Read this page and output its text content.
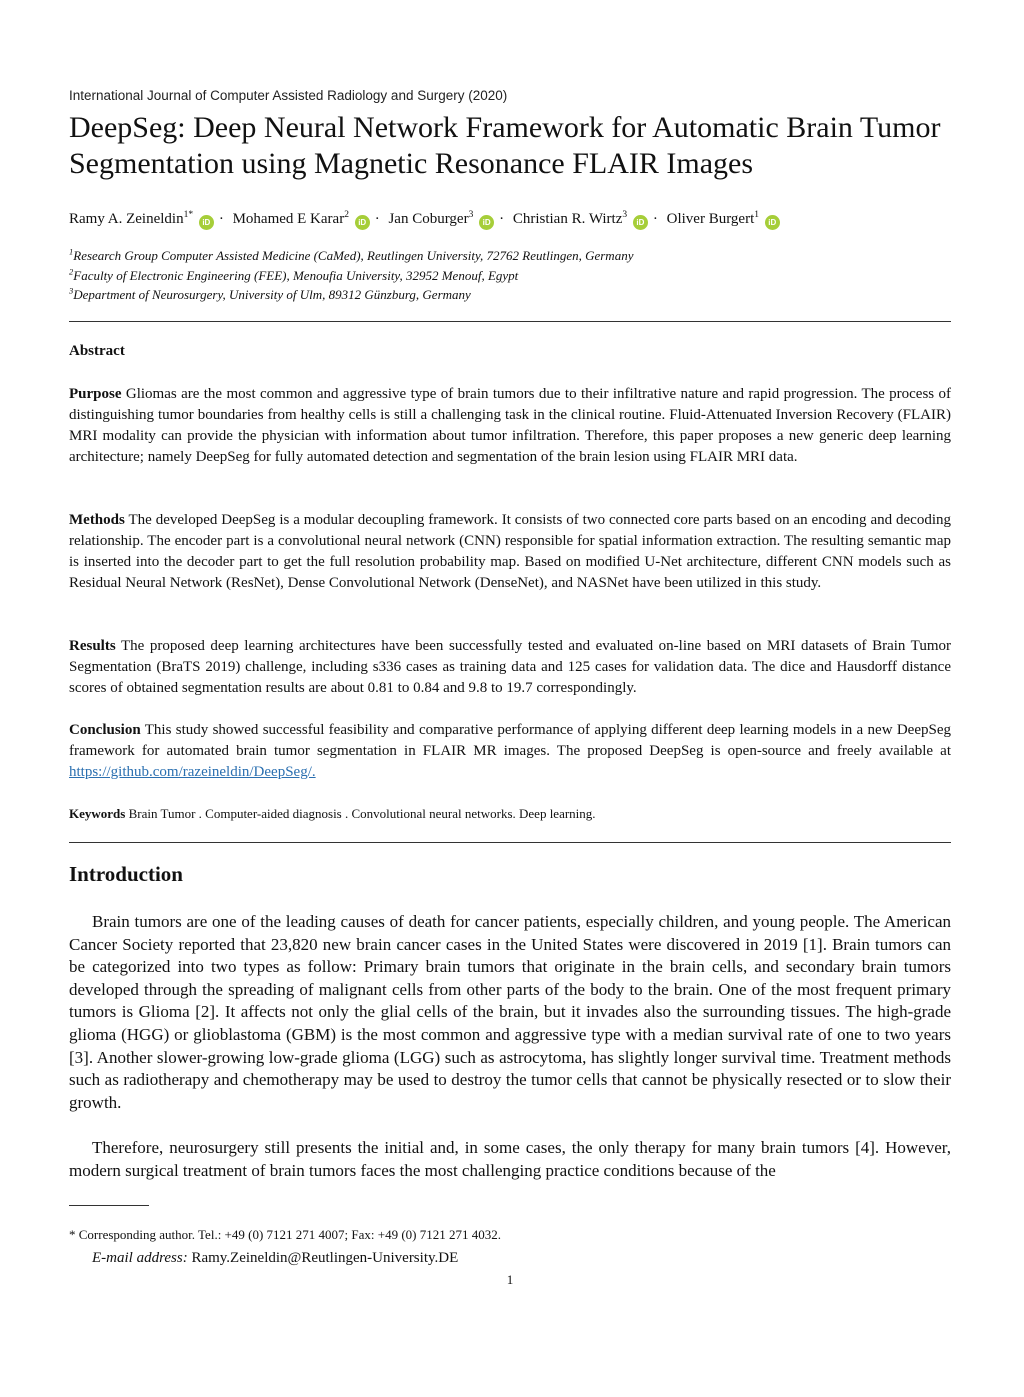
International Journal of Computer Assisted Radiology and Surgery (2020)
DeepSeg: Deep Neural Network Framework for Automatic Brain Tumor Segmentation using Magnetic Resonance FLAIR Images
Ramy A. Zeineldin$^{1*}$ iD · Mohamed E Karar$^2$ iD · Jan Coburger$^3$ iD · Christian R. Wirtz$^3$ iD · Oliver Burgert$^1$ iD
$^1$Research Group Computer Assisted Medicine (CaMed), Reutlingen University, 72762 Reutlingen, Germany
$^2$Faculty of Electronic Engineering (FEE), Menoufia University, 32952 Menouf, Egypt
$^3$Department of Neurosurgery, University of Ulm, 89312 Günzburg, Germany
Abstract

Purpose Gliomas are the most common and aggressive type of brain tumors due to their infiltrative nature and rapid progression. The process of distinguishing tumor boundaries from healthy cells is still a challenging task in the clinical routine. Fluid-Attenuated Inversion Recovery (FLAIR) MRI modality can provide the physician with information about tumor infiltration. Therefore, this paper proposes a new generic deep learning architecture; namely DeepSeg for fully automated detection and segmentation of the brain lesion using FLAIR MRI data.

Methods The developed DeepSeg is a modular decoupling framework. It consists of two connected core parts based on an encoding and decoding relationship. The encoder part is a convolutional neural network (CNN) responsible for spatial information extraction. The resulting semantic map is inserted into the decoder part to get the full resolution probability map. Based on modified U-Net architecture, different CNN models such as Residual Neural Network (ResNet), Dense Convolutional Network (DenseNet), and NASNet have been utilized in this study.

Results The proposed deep learning architectures have been successfully tested and evaluated on-line based on MRI datasets of Brain Tumor Segmentation (BraTS 2019) challenge, including s336 cases as training data and 125 cases for validation data. The dice and Hausdorff distance scores of obtained segmentation results are about 0.81 to 0.84 and 9.8 to 19.7 correspondingly.

Conclusion This study showed successful feasibility and comparative performance of applying different deep learning models in a new DeepSeg framework for automated brain tumor segmentation in FLAIR MR images. The proposed DeepSeg is open-source and freely available at https://github.com/razeineldin/DeepSeg/.

Keywords Brain Tumor . Computer-aided diagnosis . Convolutional neural networks. Deep learning.
Introduction

Brain tumors are one of the leading causes of death for cancer patients, especially children, and young people. The American Cancer Society reported that 23,820 new brain cancer cases in the United States were discovered in 2019 [1]. Brain tumors can be categorized into two types as follow: Primary brain tumors that originate in the brain cells, and secondary brain tumors developed through the spreading of malignant cells from other parts of the body to the brain. One of the most frequent primary tumors is Glioma [2]. It affects not only the glial cells of the brain, but it invades also the surrounding tissues. The high-grade glioma (HGG) or glioblastoma (GBM) is the most common and aggressive type with a median survival rate of one to two years [3]. Another slower-growing low-grade glioma (LGG) such as astrocytoma, has slightly longer survival time. Treatment methods such as radiotherapy and chemotherapy may be used to destroy the tumor cells that cannot be physically resected or to slow their growth.

Therefore, neurosurgery still presents the initial and, in some cases, the only therapy for many brain tumors [4]. However, modern surgical treatment of brain tumors faces the most challenging practice conditions because of the

* Corresponding author. Tel.: +49 (0) 7121 271 4007; Fax: +49 (0) 7121 271 4032.
E-mail address: Ramy.Zeineldin@Reutlingen-University.DE
1
